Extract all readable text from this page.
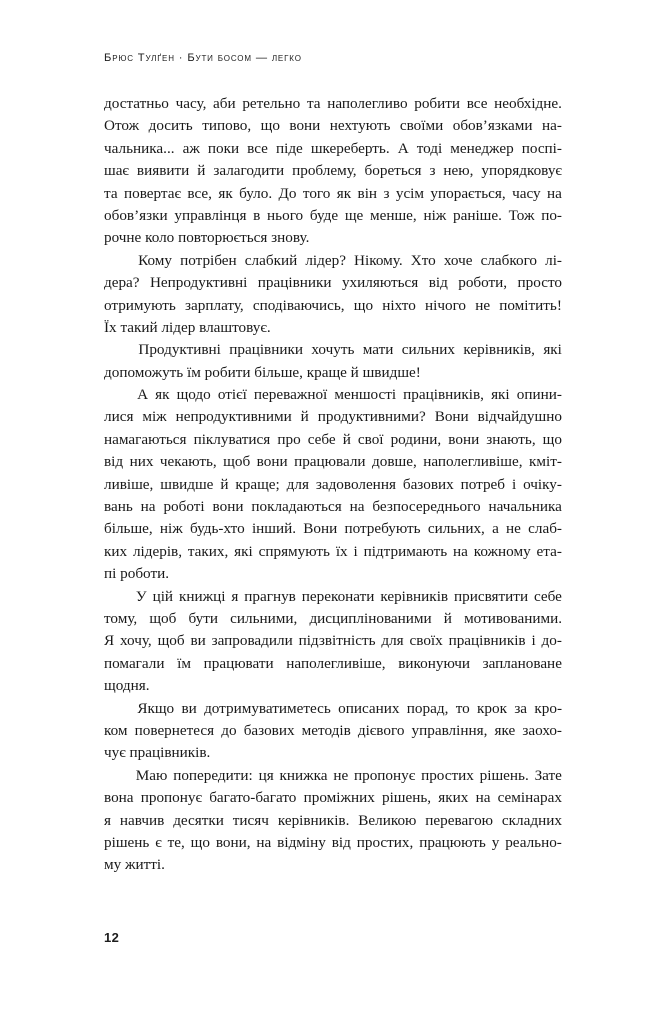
Брюс Тулґен · Бути босом — легко
достатньо часу, аби ретельно та наполегливо робити все необхідне.
Отож досить типово, що вони нехтують своїми обов’язками на-
чальника... аж поки все піде шкереберть. А тоді менеджер поспі-
шає виявити й залагодити проблему, бореться з нею, упорядковує
та повертає все, як було. До того як він з усім упорається, часу на
обов’язки управлінця в нього буде ще менше, ніж раніше. Тож по-
рочне коло повторюється знову.
Кому потрібен слабкий лідер? Нікому. Хто хоче слабкого лі-
дера? Непродуктивні працівники ухиляються від роботи, просто
отримують зарплату, сподіваючись, що ніхто нічого не помітить!
Їх такий лідер влаштовує.
Продуктивні працівники хочуть мати сильних керівників, які
допоможуть їм робити більше, краще й швидше!
А як щодо отієї переважної меншості працівників, які опини-
лися між непродуктивними й продуктивними? Вони відчайдушно
намагаються піклуватися про себе й свої родини, вони знають, що
від них чекають, щоб вони працювали довше, наполегливіше, кміт-
ливіше, швидше й краще; для задоволення базових потреб і очіку-
вань на роботі вони покладаються на безпосереднього начальника
більше, ніж будь-хто інший. Вони потребують сильних, а не слаб-
ких лідерів, таких, які спрямують їх і підтримають на кожному ета-
пі роботи.
У цій книжці я прагнув переконати керівників присвятити себе
тому, щоб бути сильними, дисциплінованими й мотивованими.
Я хочу, щоб ви запровадили підзвітність для своїх працівників і до-
помагали їм працювати наполегливіше, виконуючи заплановане
щодня.
Якщо ви дотримуватиметесь описаних порад, то крок за кро-
ком повернетеся до базових методів дієвого управління, яке заохо-
чує працівників.
Маю попередити: ця книжка не пропонує простих рішень. Зате
вона пропонує багато-багато проміжних рішень, яких на семінарах
я навчив десятки тисяч керівників. Великою перевагою складних
рішень є те, що вони, на відміну від простих, працюють у реально-
му житті.
12
